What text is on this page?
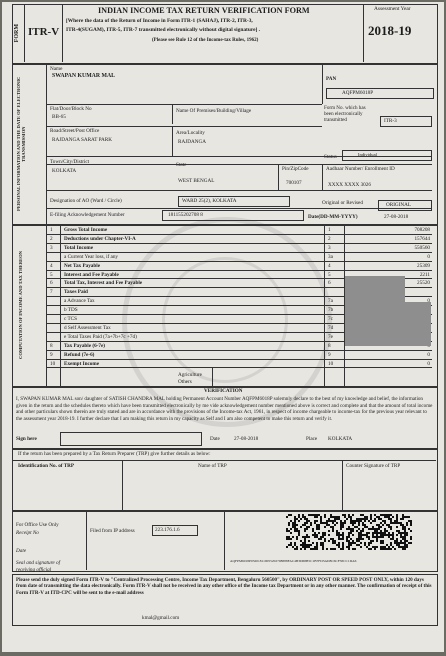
FORM ITR-V
INDIAN INCOME TAX RETURN VERIFICATION FORM
[Where the data of the Return of Income in Form ITR-1 (SAHAJ), ITR-2, ITR-3,
ITR-4(SUGAM), ITR-5, ITR-7 transmitted electronically without digital signature] .
(Please see Rule 12 of the Income-tax Rules, 1962)
Assessment Year
2018-19
PERSONAL INFORMATION AND THE DATE OF ELECTRONIC TRANSMISSION
Name
SWAPAN KUMAR MAL	PAN
AQFPM6018P
Flat/Door/Block No
BB-65
Name Of Premises/Building/Village	Form No. which has been electronically transmitted	ITR-3
Road/Street/Post Office
RAJDANGA SARAT PARK
Area/Locality
RAJDANGA
Status	Individual
Town/City/District
KOLKATA
State
WEST BENGAL
Pin/ZipCode
700107
Aadhaar Number/ Enrollment ID
XXXX XXXX 3026
Designation of AO (Ward / Circle)	WARD 25(2), KOLKATA	Original or Revised	ORIGINAL
E-filing Acknowledgement Number	181155202708 8	Date(DD-MM-YYYY)	27-08-2018
COMPUTATION OF INCOME AND TAX THEREON
1 Gross Total Income	1	708208
2 Deductions under Chapter-VI-A	2	157644
3 Total Income	3	550560
a Current Year loss, if any	3a	0
4 Net Tax Payable	4	25309
5 Interest and Fee Payable	5	2211
6 Total Tax, Interest and Fee Payable	6	25520
7 Taxes Paid
a Advance Tax	7a
b TDS	7b
c TCS	7c
d Self Assessment Tax	7d
e Total Taxes Paid (7a+7b+7c +7d)	7e
8 Tax Payable (6-7e)	8
9 Refund (7e-6)	9	0
10 Exempt Income	10	0
Agriculture
Others
VERIFICATION
I, SWAPAN KUMAR MAL son/ daughter of SATISH CHANDRA MAL holding Permanent Account Number AQFPM6018P solemnly declare to the best of my knowledge and belief, the information given in the return and the schedules thereto which have been transmitted electronically by me vide acknowledgement number mentioned above is correct and complete and that the amount of total income and other particulars shown therein are truly stated and are in accordance with the provisions of the Income-tax Act, 1961, in respect of income chargeable to income-tax for the previous year relevant to the assessment year 2018-19. I further declare that I am making this return in my capacity as Self and I am also competent to make this return and verify it.
Sign here	Date	27-08-2018	Place KOLKATA
If the return has been prepared by a Tax Return Preparer (TRP) give further details as below:
Identification No. of TRP	Name of TRP	Counter Signature of TRP
For Office Use Only
Receipt No	Filed from IP address	223.176.1.6
Date
Seal and signature of
receiving official
AQFPM6018P032018119055202708888FAC4B3D68B5C1B7FD3AD8C6CF58CC1DA6
Please send the duly signed Form ITR-V to "Centralized Processing Centre, Income Tax Department, Bengaluru 560500", by ORDINARY POST OR SPEED POST ONLY, within 120 days from date of transmitting the data electronically. Form ITR-V shall not be received in any other office of the Income tax Department or in any other manner. The confirmation of receipt of this Form ITR-V at ITD-CPC will be sent to the e-mail address
kmal@gmail.com
